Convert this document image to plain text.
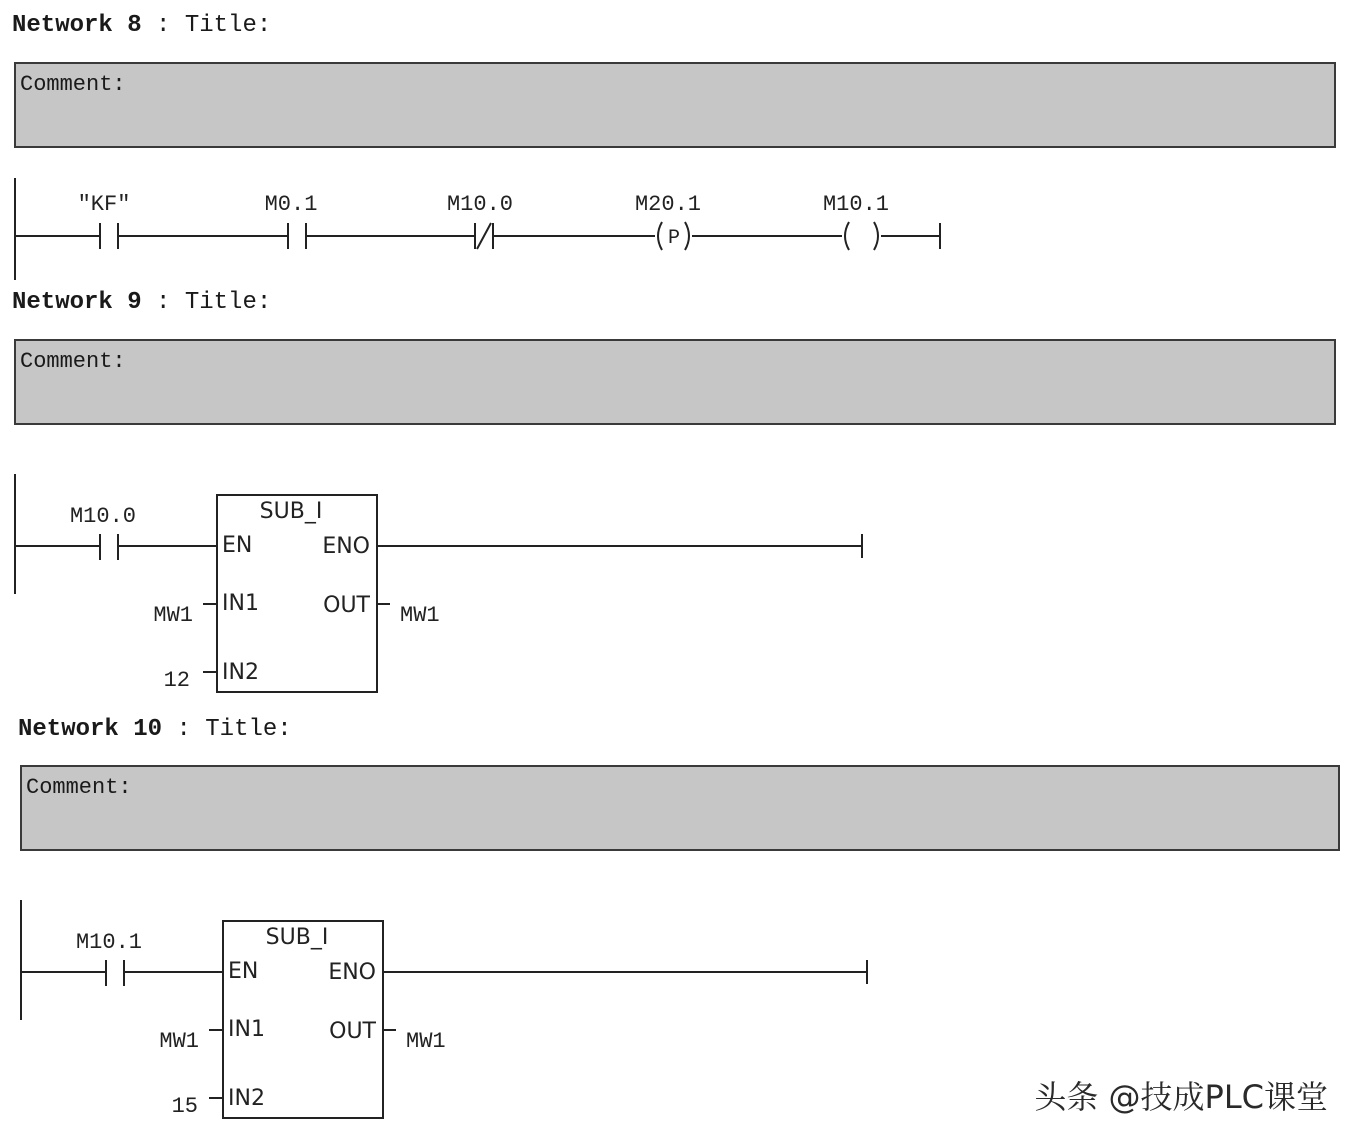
Network 8 : Title:
Comment:
Network 9 : Title:
Comment:
Network 10 : Title:
Comment:
"KF"	M0.1	M10.0	M20.1	M10.1
P
M10.0	SUB_I
EN	ENO
IN1	OUT
IN2
MW1
12
MW1
M10.1	SUB_I
EN	ENO
IN1	OUT
IN2
MW1
15
MW1
头条 @技成PLC课堂
